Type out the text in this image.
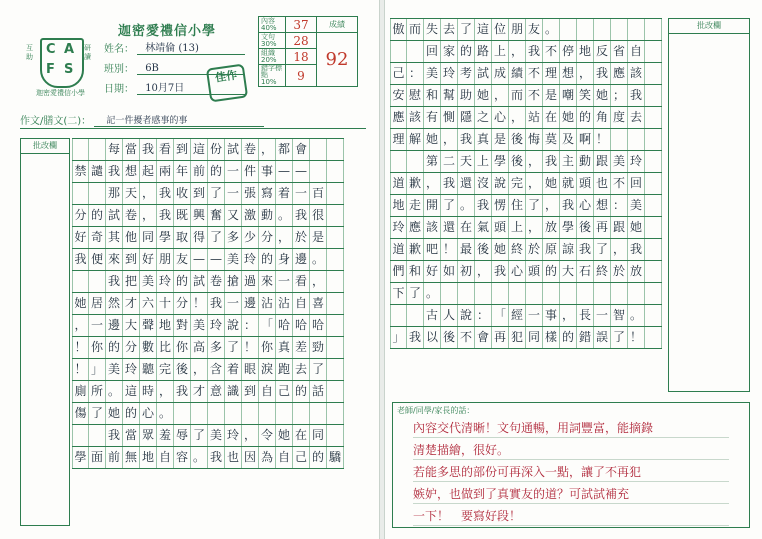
迦密愛禮信小學
互助 C A
F S
研讀
迦密愛禮信小學
姓名： 林靖倫 (13)
班別： 6B
日期： 10月7日
佳作
內容 40%	37	成績
文句 30%	28	92
組織 20%	18	
錯字標點 10%	9	
作文/膳文(二)： 記一件擾者感事的事
批改欄	每 當 我 看 到 這 份 試 卷 ， 都 會
禁 譴 我 想 起 兩 年 前 的 一 件 事 — —
那 天 ， 我 收 到 了 一 張 寫 着 一 百
分 的 試 卷 ， 我 既 興 奮 又 激 動 。 我 很
好 奇 其 他 同 學 取 得 了 多 少 分 ， 於 是
我 便 來 到 好 朋 友 — — 美 玲 的 身 邊 。
我 把 美 玲 的 試 卷 搶 過 來 一 看 ，
她 居 然 才 六 十 分 ！ 我 一 邊 沾 沾 自 喜
， 一 邊 大 聲 地 對 美 玲 說 ： 「 哈 哈 哈
！ 你 的 分 數 比 你 高 多 了 ！ 你 真 差 勁
！ 」 美 玲 聽 完 後 ， 含 着 眼 淚 跑 去 了
廁 所 。 這 時 ， 我 才 意 識 到 自 己 的 話
傷 了 她 的 心 。
我 當 眾 羞 辱 了 美 玲 ， 令 她 在 同
學 面 前 無 地 自 容 。 我 也 因 為 自 己 的 驕
批改欄
傲 而 失 去 了 這 位 朋 友 。
回 家 的 路 上 ， 我 不 停 地 反 省 自
己 ： 美 玲 考 試 成 績 不 理 想 ， 我 應 該
安 慰 和 幫 助 她 ， 而 不 是 嘲 笑 她 ； 我
應 該 有 惻 隱 之 心 ， 站 在 她 的 角 度 去
理 解 她 ， 我 真 是 後 悔 莫 及 啊 ！
第 二 天 上 學 後 ， 我 主 動 跟 美 玲
道 歉 ， 我 還 沒 說 完 ， 她 就 頭 也 不 回
地 走 開 了 。 我 愣 住 了 ， 我 心 想 ： 美
玲 應 該 還 在 氣 頭 上 ， 放 學 後 再 跟 她
道 歉 吧 ！ 最 後 她 終 於 原 諒 我 了 ， 我
們 和 好 如 初 ， 我 心 頭 的 大 石 終 於 放
下 了 。
古 人 說 ： 「 經 一 事 ， 長 一 智 。
」 我 以 後 不 會 再 犯 同 樣 的 錯 誤 了 ！
老師/同學/家長的話：
內容交代清晰！文句通暢，用詞豐富，能摘錄
清楚描繪，很好。
若能多思的部份可再深入一點，讓了不再犯
嫉妒，也做到了真實友的道？可試試補充
一下！　要寫好段！
